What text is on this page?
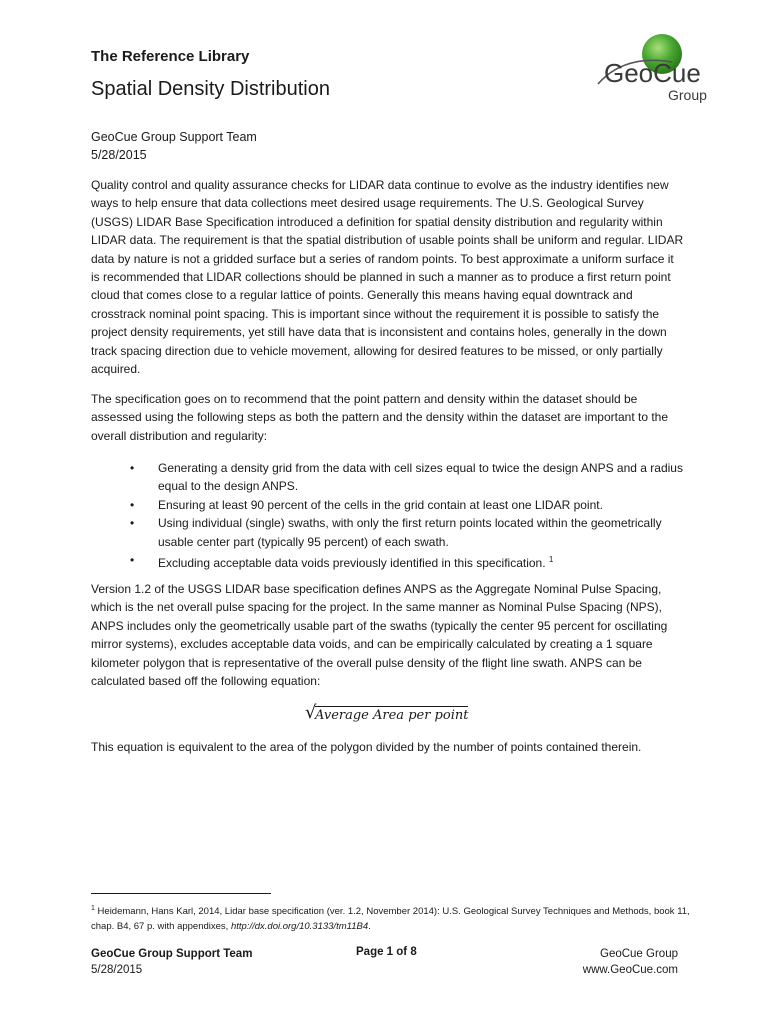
The Reference Library
Spatial Density Distribution
GeoCue Group Support Team
5/28/2015
GeoCue
Group
Quality control and quality assurance checks for LIDAR data continue to evolve as the industry identifies new ways to help ensure that data collections meet desired usage requirements. The U.S. Geological Survey (USGS) LIDAR Base Specification introduced a definition for spatial density distribution and regularity within LIDAR data. The requirement is that the spatial distribution of usable points shall be uniform and regular. LIDAR data by nature is not a gridded surface but a series of random points. To best approximate a uniform surface it is recommended that LIDAR collections should be planned in such a manner as to produce a first return point cloud that comes close to a regular lattice of points. Generally this means having equal downtrack and crosstrack nominal point spacing. This is important since without the requirement it is possible to satisfy the project density requirements, yet still have data that is inconsistent and contains holes, generally in the down track spacing direction due to vehicle movement, allowing for desired features to be missed, or only partially acquired.
The specification goes on to recommend that the point pattern and density within the dataset should be assessed using the following steps as both the pattern and the density within the dataset are important to the overall distribution and regularity:
• Generating a density grid from the data with cell sizes equal to twice the design ANPS and a radius equal to the design ANPS.
• Ensuring at least 90 percent of the cells in the grid contain at least one LIDAR point.
• Using individual (single) swaths, with only the first return points located within the geometrically usable center part (typically 95 percent) of each swath.
• Excluding acceptable data voids previously identified in this specification. $^1$
Version 1.2 of the USGS LIDAR base specification defines ANPS as the Aggregate Nominal Pulse Spacing, which is the net overall pulse spacing for the project. In the same manner as Nominal Pulse Spacing (NPS), ANPS includes only the geometrically usable part of the swaths (typically the center 95 percent for oscillating mirror systems), excludes acceptable data voids, and can be empirically calculated by creating a 1 square kilometer polygon that is representative of the overall pulse density of the flight line swath. ANPS can be calculated based off the following equation:
√
Average Area per point
This equation is equivalent to the area of the polygon divided by the number of points contained therein.
$^1$ Heidemann, Hans Karl, 2014, Lidar base specification (ver. 1.2, November 2014): U.S. Geological Survey Techniques and Methods, book 11, chap. B4, 67 p. with appendixes, http://dx.doi.org/10.3133/tm11B4.
GeoCue Group Support Team
5/28/2015
Page 1 of 8	GeoCue Group
www.GeoCue.com
